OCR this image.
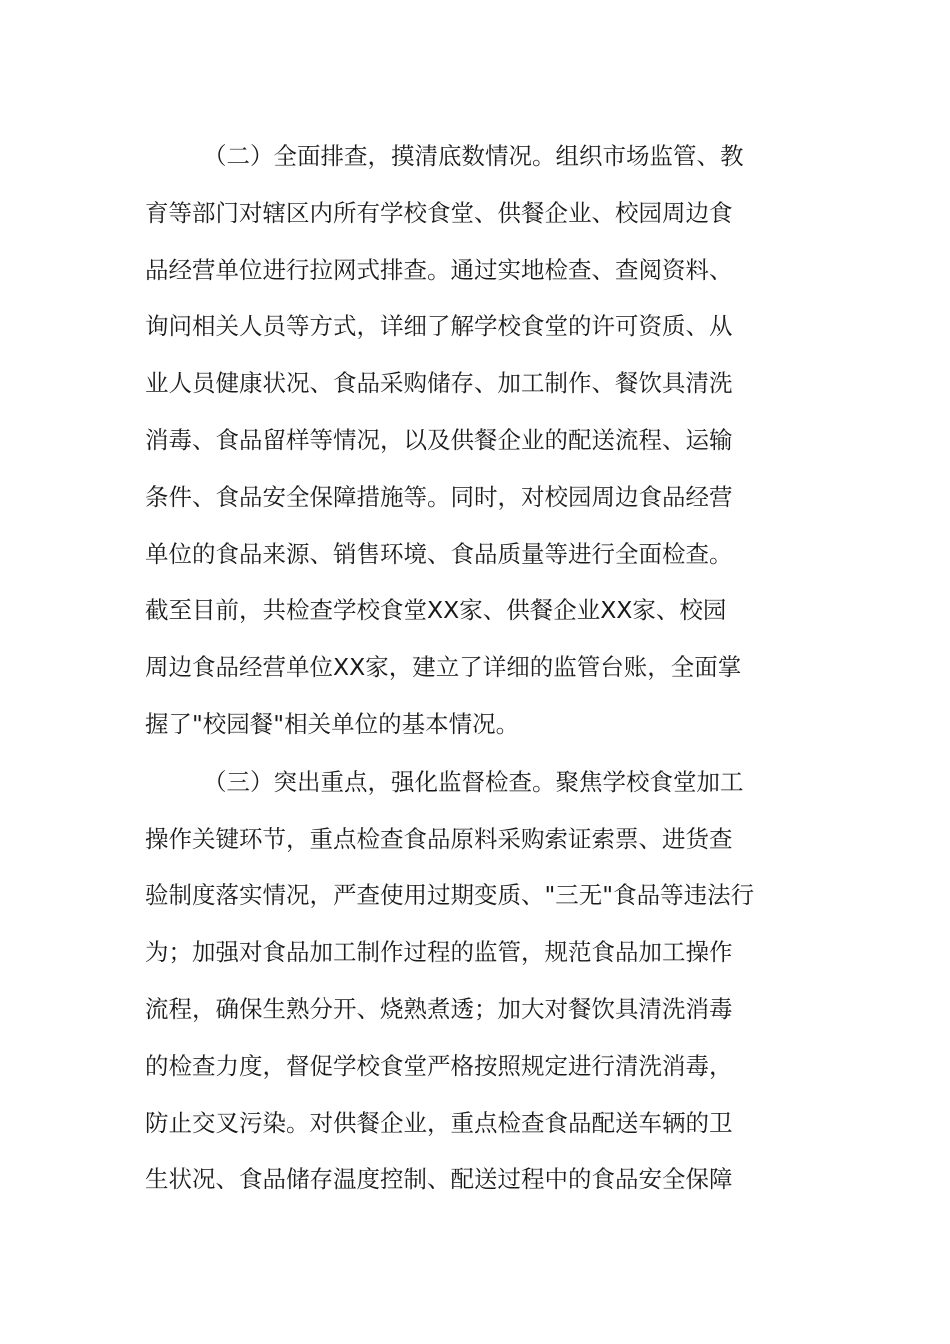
（二）全面排查，摸清底数情况。组织市场监管、教

育等部门对辖区内所有学校食堂、供餐企业、校园周边食

品经营单位进行拉网式排查。通过实地检查、查阅资料、

询问相关人员等方式，详细了解学校食堂的许可资质、从

业人员健康状况、食品采购储存、加工制作、餐饮具清洗

消毒、食品留样等情况，以及供餐企业的配送流程、运输

条件、食品安全保障措施等。同时，对校园周边食品经营

单位的食品来源、销售环境、食品质量等进行全面检查。

截至目前，共检查学校食堂XX家、供餐企业XX家、校园

周边食品经营单位XX家，建立了详细的监管台账，全面掌

握了"校园餐"相关单位的基本情况。

（三）突出重点，强化监督检查。聚焦学校食堂加工

操作关键环节，重点检查食品原料采购索证索票、进货查

验制度落实情况，严查使用过期变质、"三无"食品等违法行

为；加强对食品加工制作过程的监管，规范食品加工操作

流程，确保生熟分开、烧熟煮透；加大对餐饮具清洗消毒

的检查力度，督促学校食堂严格按照规定进行清洗消毒，

防止交叉污染。对供餐企业，重点检查食品配送车辆的卫

生状况、食品储存温度控制、配送过程中的食品安全保障
